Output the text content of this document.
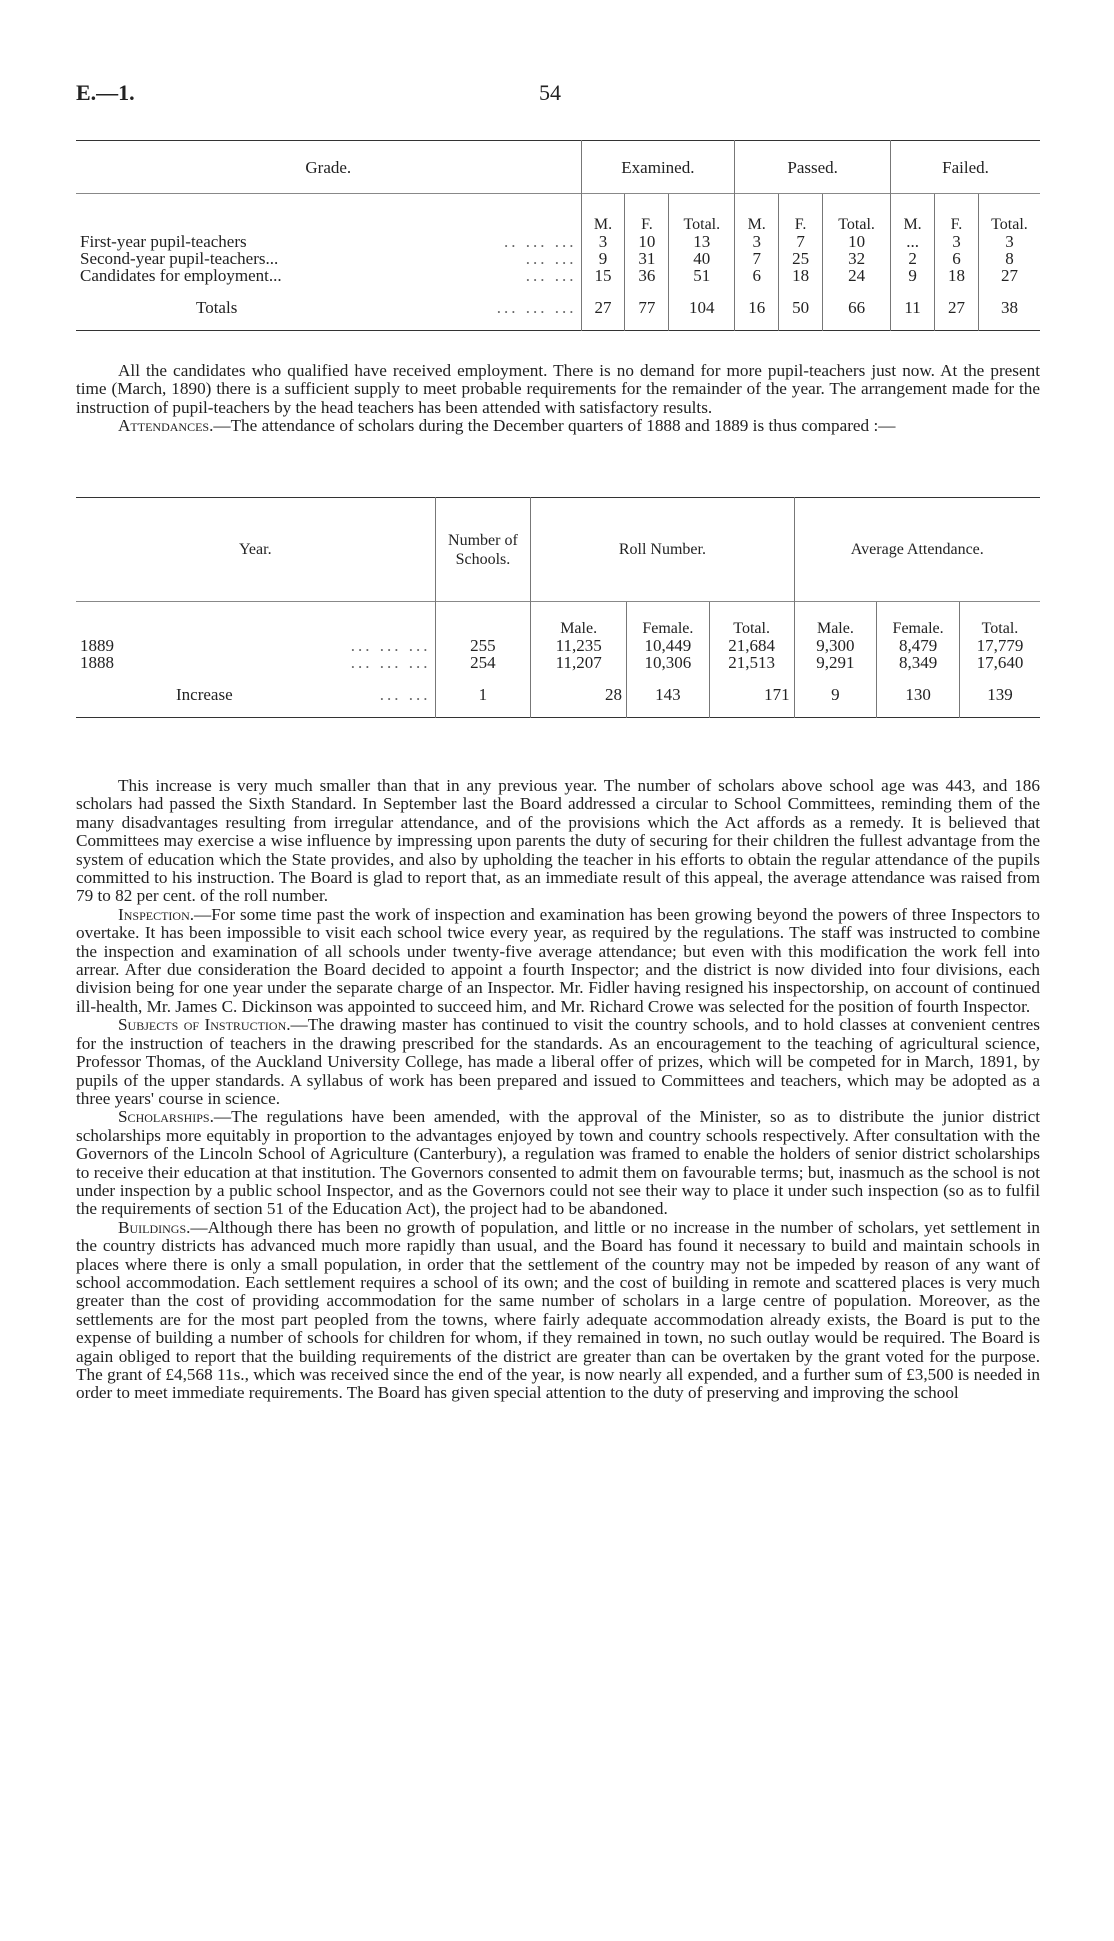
E.—1.	54
Grade.	Examined.			Passed.			Failed.		
	M.	F.	Total.	M.	F.	Total.	M.	F.	Total.
First-year pupil-teachers .. ... ...	3	10	13	3	7	10	...	3	3
Second-year pupil-teachers... ... ...	9	31	40	7	25	32	2	6	8
Candidates for employment... ... ...	15	36	51	6	18	24	9	18	27
Totals ... ... ...	27	77	104	16	50	66	11	27	38

All the candidates who qualified have received employment. There is no demand for more pupil-teachers just now. At the present time (March, 1890) there is a sufficient supply to meet probable requirements for the remainder of the year. The arrangement made for the instruction of pupil-teachers by the head teachers has been attended with satisfactory results.

Attendances.—The attendance of scholars during the December quarters of 1888 and 1889 is thus compared :—

Year.	Number of Schools.	Roll Number.			Average Attendance.		
		Male.	Female.	Total.	Male.	Female.	Total.
1889 ... ... ...	255	11,235	10,449	21,684	9,300	8,479	17,779
1888 ... ... ...	254	11,207	10,306	21,513	9,291	8,349	17,640
Increase ... ...	1	28	143	171	9	130	139

This increase is very much smaller than that in any previous year. The number of scholars above school age was 443, and 186 scholars had passed the Sixth Standard. In September last the Board addressed a circular to School Committees, reminding them of the many disadvantages resulting from irregular attendance, and of the provisions which the Act affords as a remedy. It is believed that Committees may exercise a wise influence by impressing upon parents the duty of securing for their children the fullest advantage from the system of education which the State provides, and also by upholding the teacher in his efforts to obtain the regular attendance of the pupils committed to his instruction. The Board is glad to report that, as an immediate result of this appeal, the average attendance was raised from 79 to 82 per cent. of the roll number.

Inspection.—For some time past the work of inspection and examination has been growing beyond the powers of three Inspectors to overtake. It has been impossible to visit each school twice every year, as required by the regulations. The staff was instructed to combine the inspection and examination of all schools under twenty-five average attendance; but even with this modification the work fell into arrear. After due consideration the Board decided to appoint a fourth Inspector; and the district is now divided into four divisions, each division being for one year under the separate charge of an Inspector. Mr. Fidler having resigned his inspectorship, on account of continued ill-health, Mr. James C. Dickinson was appointed to succeed him, and Mr. Richard Crowe was selected for the position of fourth Inspector.

Subjects of Instruction.—The drawing master has continued to visit the country schools, and to hold classes at convenient centres for the instruction of teachers in the drawing prescribed for the standards. As an encouragement to the teaching of agricultural science, Professor Thomas, of the Auckland University College, has made a liberal offer of prizes, which will be competed for in March, 1891, by pupils of the upper standards. A syllabus of work has been prepared and issued to Committees and teachers, which may be adopted as a three years' course in science.

Scholarships.—The regulations have been amended, with the approval of the Minister, so as to distribute the junior district scholarships more equitably in proportion to the advantages enjoyed by town and country schools respectively. After consultation with the Governors of the Lincoln School of Agriculture (Canterbury), a regulation was framed to enable the holders of senior district scholarships to receive their education at that institution. The Governors consented to admit them on favourable terms; but, inasmuch as the school is not under inspection by a public school Inspector, and as the Governors could not see their way to place it under such inspection (so as to fulfil the requirements of section 51 of the Education Act), the project had to be abandoned.

Buildings.—Although there has been no growth of population, and little or no increase in the number of scholars, yet settlement in the country districts has advanced much more rapidly than usual, and the Board has found it necessary to build and maintain schools in places where there is only a small population, in order that the settlement of the country may not be impeded by reason of any want of school accommodation. Each settlement requires a school of its own; and the cost of building in remote and scattered places is very much greater than the cost of providing accommodation for the same number of scholars in a large centre of population. Moreover, as the settlements are for the most part peopled from the towns, where fairly adequate accommodation already exists, the Board is put to the expense of building a number of schools for children for whom, if they remained in town, no such outlay would be required. The Board is again obliged to report that the building requirements of the district are greater than can be overtaken by the grant voted for the purpose. The grant of £4,568 11s., which was received since the end of the year, is now nearly all expended, and a further sum of £3,500 is needed in order to meet immediate requirements. The Board has given special attention to the duty of preserving and improving the school
